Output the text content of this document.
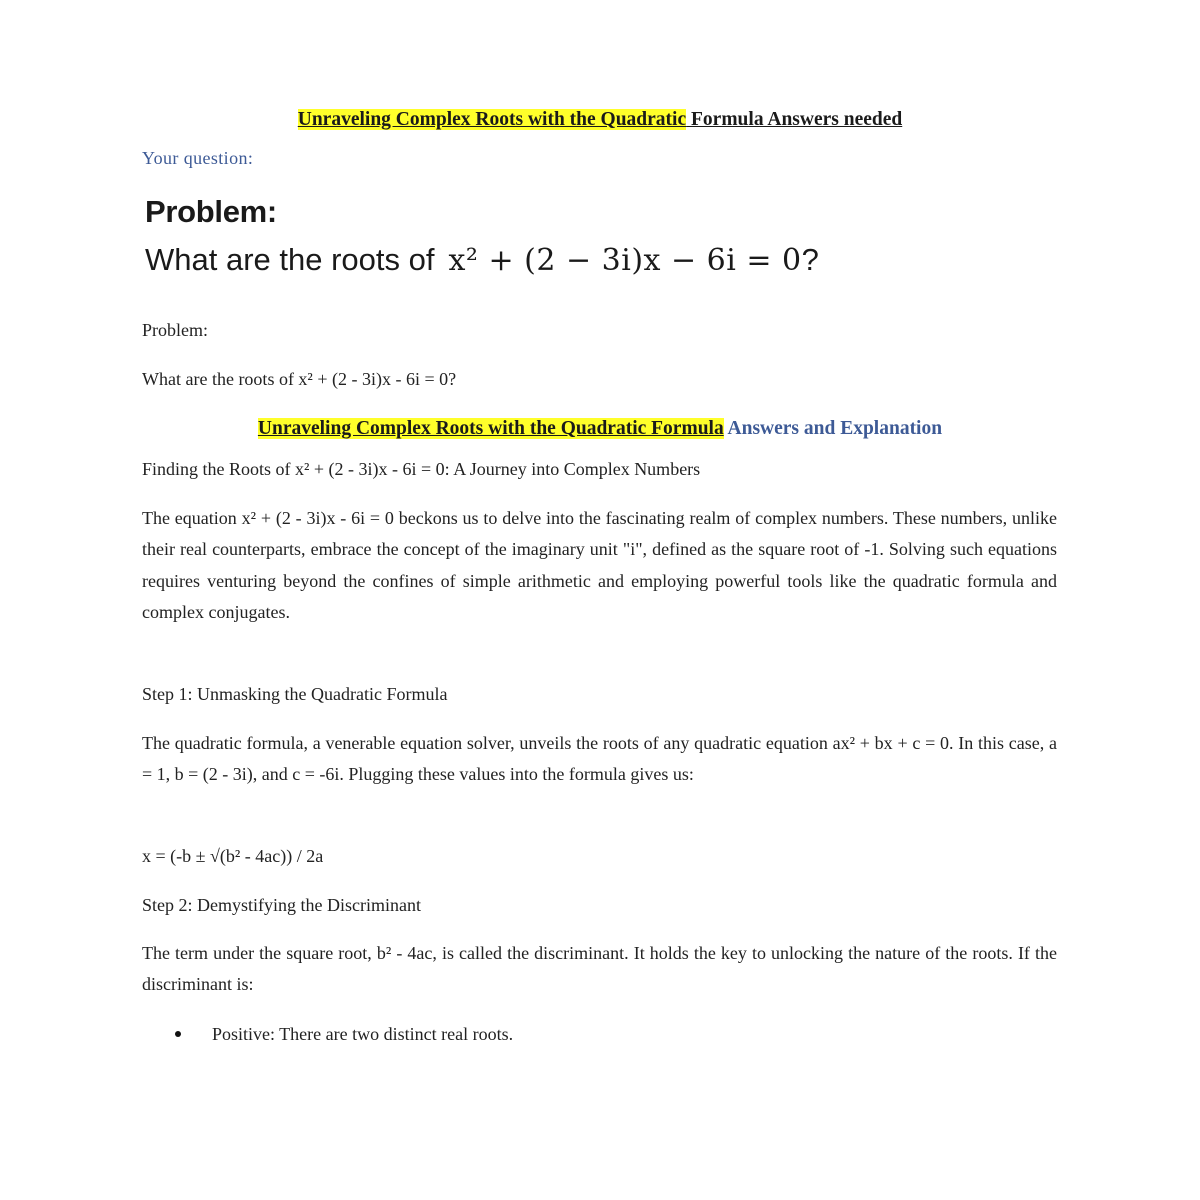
Unraveling Complex Roots with the Quadratic Formula Answers needed
Your question:
Problem:
What are the roots of x² + (2 − 3i)x − 6i = 0 ?
Problem:
What are the roots of x² + (2 - 3i)x - 6i = 0?
Unraveling Complex Roots with the Quadratic Formula Answers and Explanation
Finding the Roots of x² + (2 - 3i)x - 6i = 0: A Journey into Complex Numbers
The equation x² + (2 - 3i)x - 6i = 0 beckons us to delve into the fascinating realm of complex numbers. These numbers, unlike their real counterparts, embrace the concept of the imaginary unit "i", defined as the square root of -1. Solving such equations requires venturing beyond the confines of simple arithmetic and employing powerful tools like the quadratic formula and complex conjugates.
Step 1: Unmasking the Quadratic Formula
The quadratic formula, a venerable equation solver, unveils the roots of any quadratic equation ax² + bx + c = 0. In this case, a = 1, b = (2 - 3i), and c = -6i. Plugging these values into the formula gives us:
x = (-b ± √(b² - 4ac)) / 2a
Step 2: Demystifying the Discriminant
The term under the square root, b² - 4ac, is called the discriminant. It holds the key to unlocking the nature of the roots. If the discriminant is:
Positive: There are two distinct real roots.
